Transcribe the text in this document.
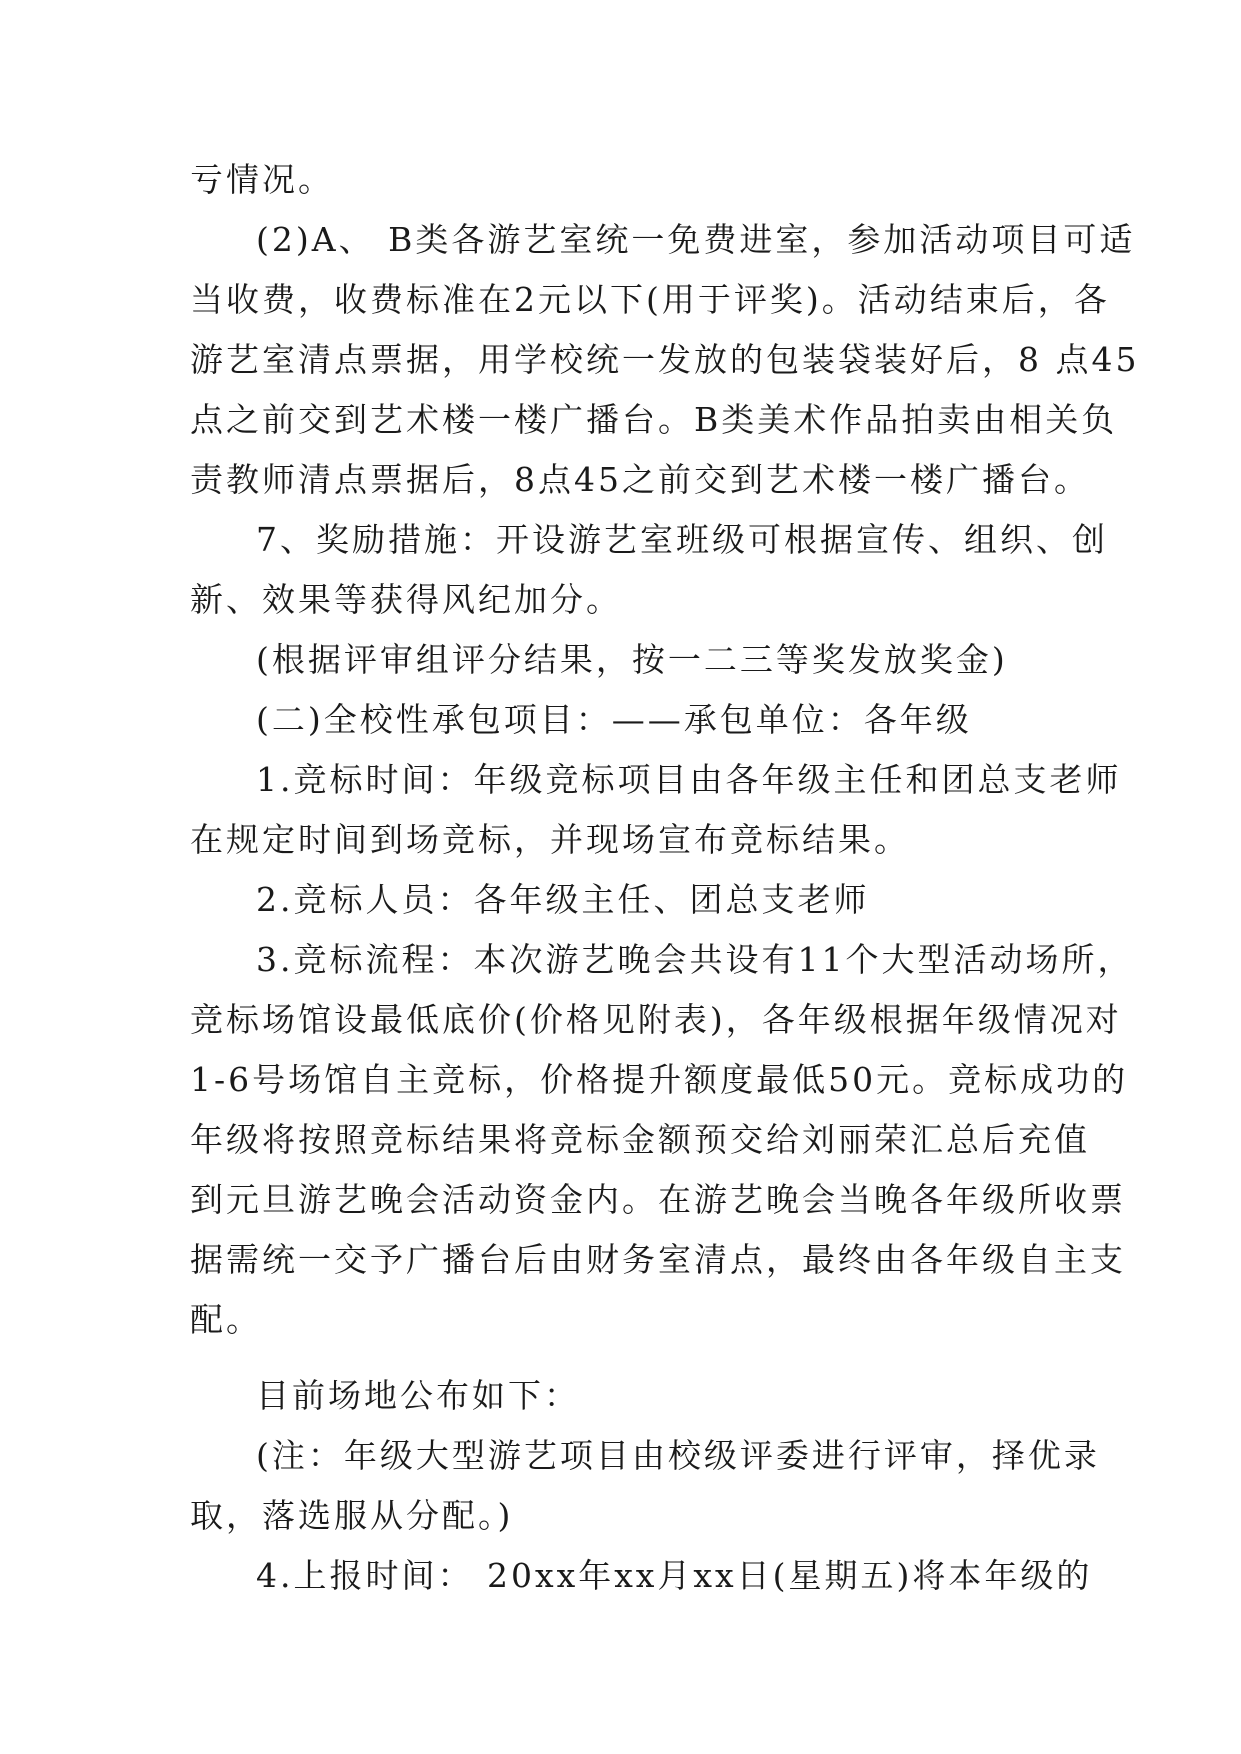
亏情况。
(2)A、 B类各游艺室统一免费进室，参加活动项目可适
当收费，收费标准在2元以下(用于评奖)。活动结束后，各
游艺室清点票据，用学校统一发放的包装袋装好后，8 点45
点之前交到艺术楼一楼广播台。B类美术作品拍卖由相关负
责教师清点票据后，8点45之前交到艺术楼一楼广播台。
7、奖励措施：开设游艺室班级可根据宣传、组织、创
新、效果等获得风纪加分。
(根据评审组评分结果，按一二三等奖发放奖金)
(二)全校性承包项目：——承包单位：各年级
1.竞标时间：年级竞标项目由各年级主任和团总支老师
在规定时间到场竞标，并现场宣布竞标结果。
2.竞标人员：各年级主任、团总支老师
3.竞标流程：本次游艺晚会共设有11个大型活动场所，
竞标场馆设最低底价(价格见附表)，各年级根据年级情况对
1-6号场馆自主竞标，价格提升额度最低50元。竞标成功的
年级将按照竞标结果将竞标金额预交给刘丽荣汇总后充值
到元旦游艺晚会活动资金内。在游艺晚会当晚各年级所收票
据需统一交予广播台后由财务室清点，最终由各年级自主支
配。
目前场地公布如下：
(注：年级大型游艺项目由校级评委进行评审，择优录
取，落选服从分配。)
4.上报时间： 20xx年xx月xx日(星期五)将本年级的
